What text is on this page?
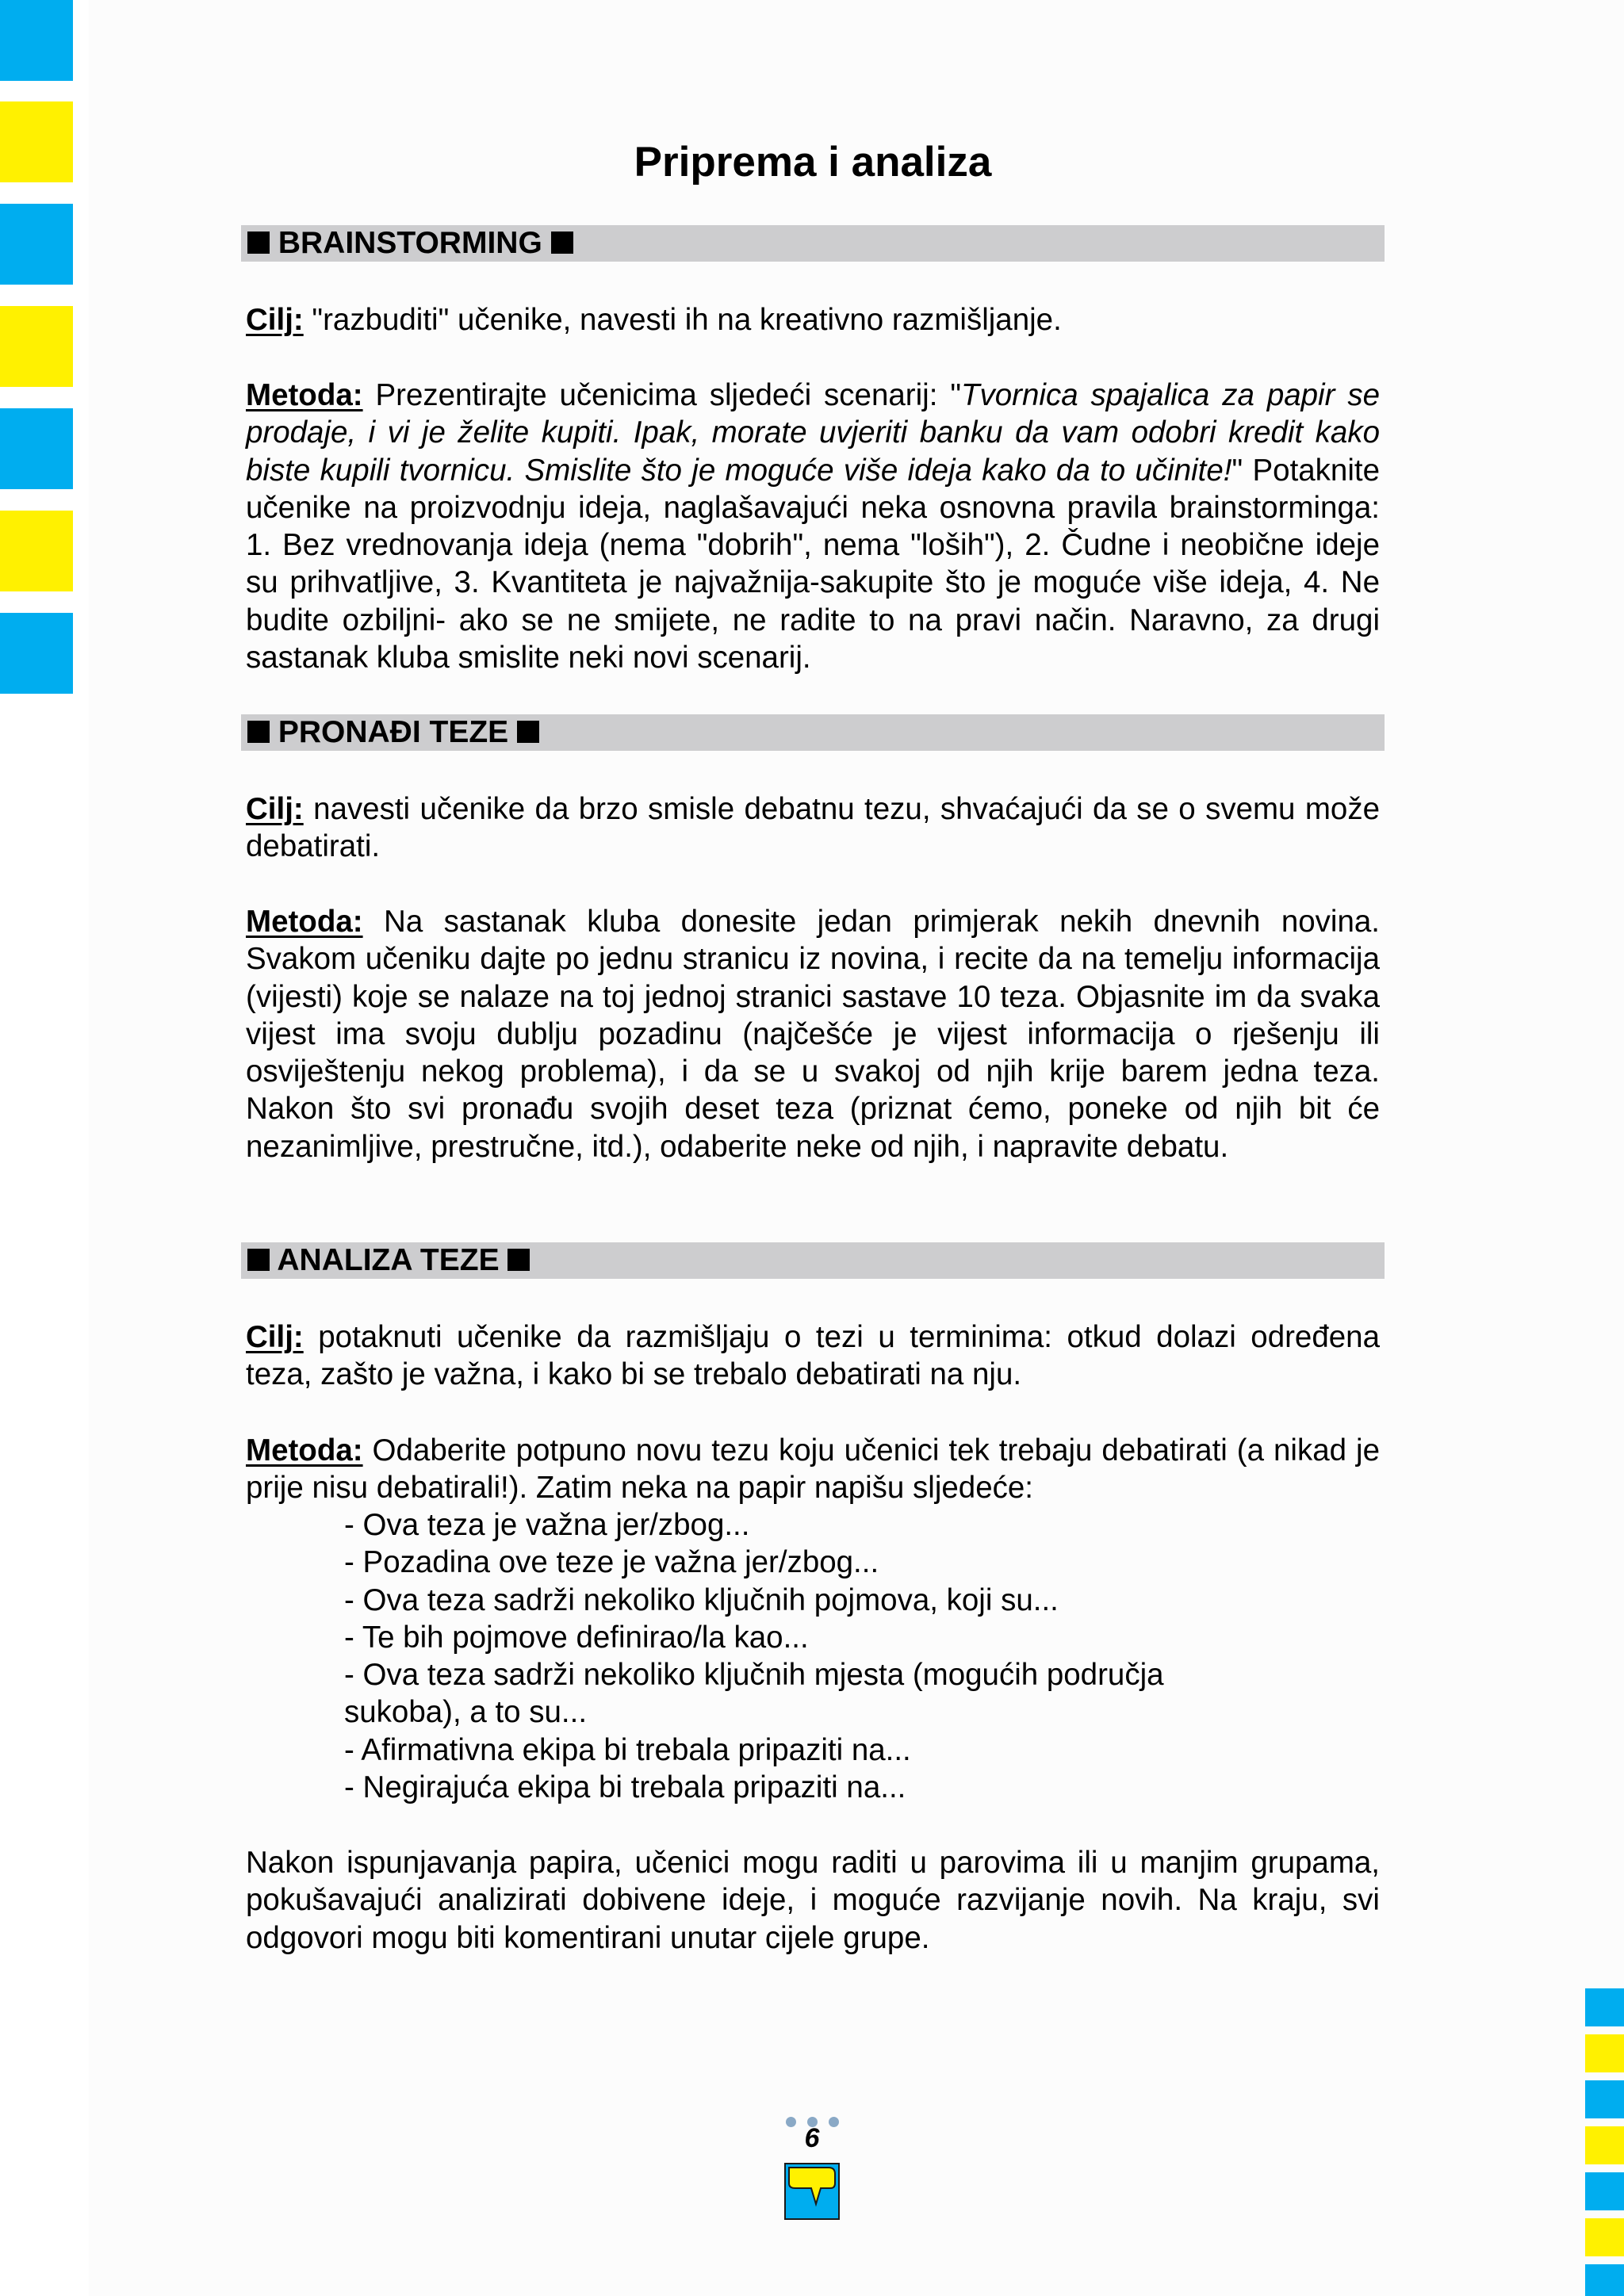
Priprema i analiza
BRAINSTORMING
Cilj: "razbuditi" učenike, navesti ih na kreativno razmišljanje.
Metoda: Prezentirajte učenicima sljedeći scenarij: "Tvornica spajalica za papir se prodaje, i vi je želite kupiti. Ipak, morate uvjeriti banku da vam odobri kredit kako biste kupili tvornicu. Smislite što je moguće više ideja kako da to učinite!" Potaknite učenike na proizvodnju ideja, naglašavajući neka osnovna pravila brainstorminga: 1. Bez vrednovanja ideja (nema "dobrih", nema "loših"), 2. Čudne i neobične ideje su prihvatljive, 3. Kvantiteta je najvažnija-sakupite što je moguće više ideja, 4. Ne budite ozbiljni- ako se ne smijete, ne radite to na pravi način. Naravno, za drugi sastanak kluba smislite neki novi scenarij.
PRONAĐI TEZE
Cilj: navesti učenike da brzo smisle debatnu tezu, shvaćajući da se o svemu može debatirati.
Metoda: Na sastanak kluba donesite jedan primjerak nekih dnevnih novina. Svakom učeniku dajte po jednu stranicu iz novina, i recite da na temelju informacija (vijesti) koje se nalaze na toj jednoj stranici sastave 10 teza. Objasnite im da svaka vijest ima svoju dublju pozadinu (najčešće je vijest informacija o rješenju ili osviještenju nekog problema), i da se u svakoj od njih krije barem jedna teza. Nakon što svi pronađu svojih deset teza (priznat ćemo, poneke od njih bit će nezanimljive, prestručne, itd.), odaberite neke od njih, i napravite debatu.
ANALIZA TEZE
Cilj: potaknuti učenike da razmišljaju o tezi u terminima: otkud dolazi određena teza, zašto je važna, i kako bi se trebalo debatirati na nju.
Metoda: Odaberite potpuno novu tezu koju učenici tek trebaju debatirati (a nikad je prije nisu debatirali!). Zatim neka na papir napišu sljedeće:
- Ova teza je važna jer/zbog...
- Pozadina ove teze je važna jer/zbog...
- Ova teza sadrži nekoliko ključnih pojmova, koji su...
- Te bih pojmove definirao/la kao...
- Ova teza sadrži nekoliko ključnih mjesta (mogućih područja sukoba), a to su...
- Afirmativna ekipa bi trebala pripaziti na...
- Negirajuća ekipa bi trebala pripaziti na...
Nakon ispunjavanja papira, učenici mogu raditi u parovima ili u manjim grupama, pokušavajući analizirati dobivene ideje, i moguće razvijanje novih. Na kraju, svi odgovori mogu biti komentirani unutar cijele grupe.
6
